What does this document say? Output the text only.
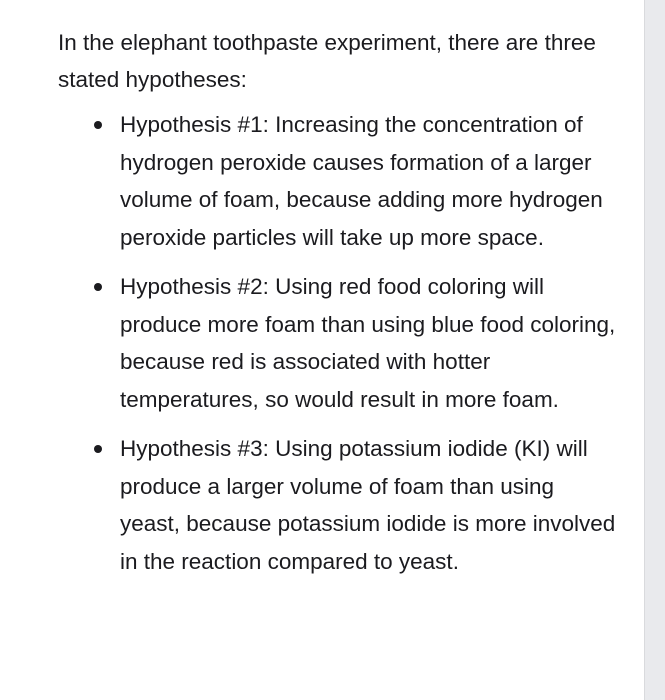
In the elephant toothpaste experiment, there are three stated hypotheses:

Hypothesis #1: Increasing the concentration of hydrogen peroxide causes formation of a larger volume of foam, because adding more hydrogen peroxide particles will take up more space.
Hypothesis #2: Using red food coloring will produce more foam than using blue food coloring, because red is associated with hotter temperatures, so would result in more foam.
Hypothesis #3: Using potassium iodide (KI) will produce a larger volume of foam than using yeast, because potassium iodide is more involved in the reaction compared to yeast.
